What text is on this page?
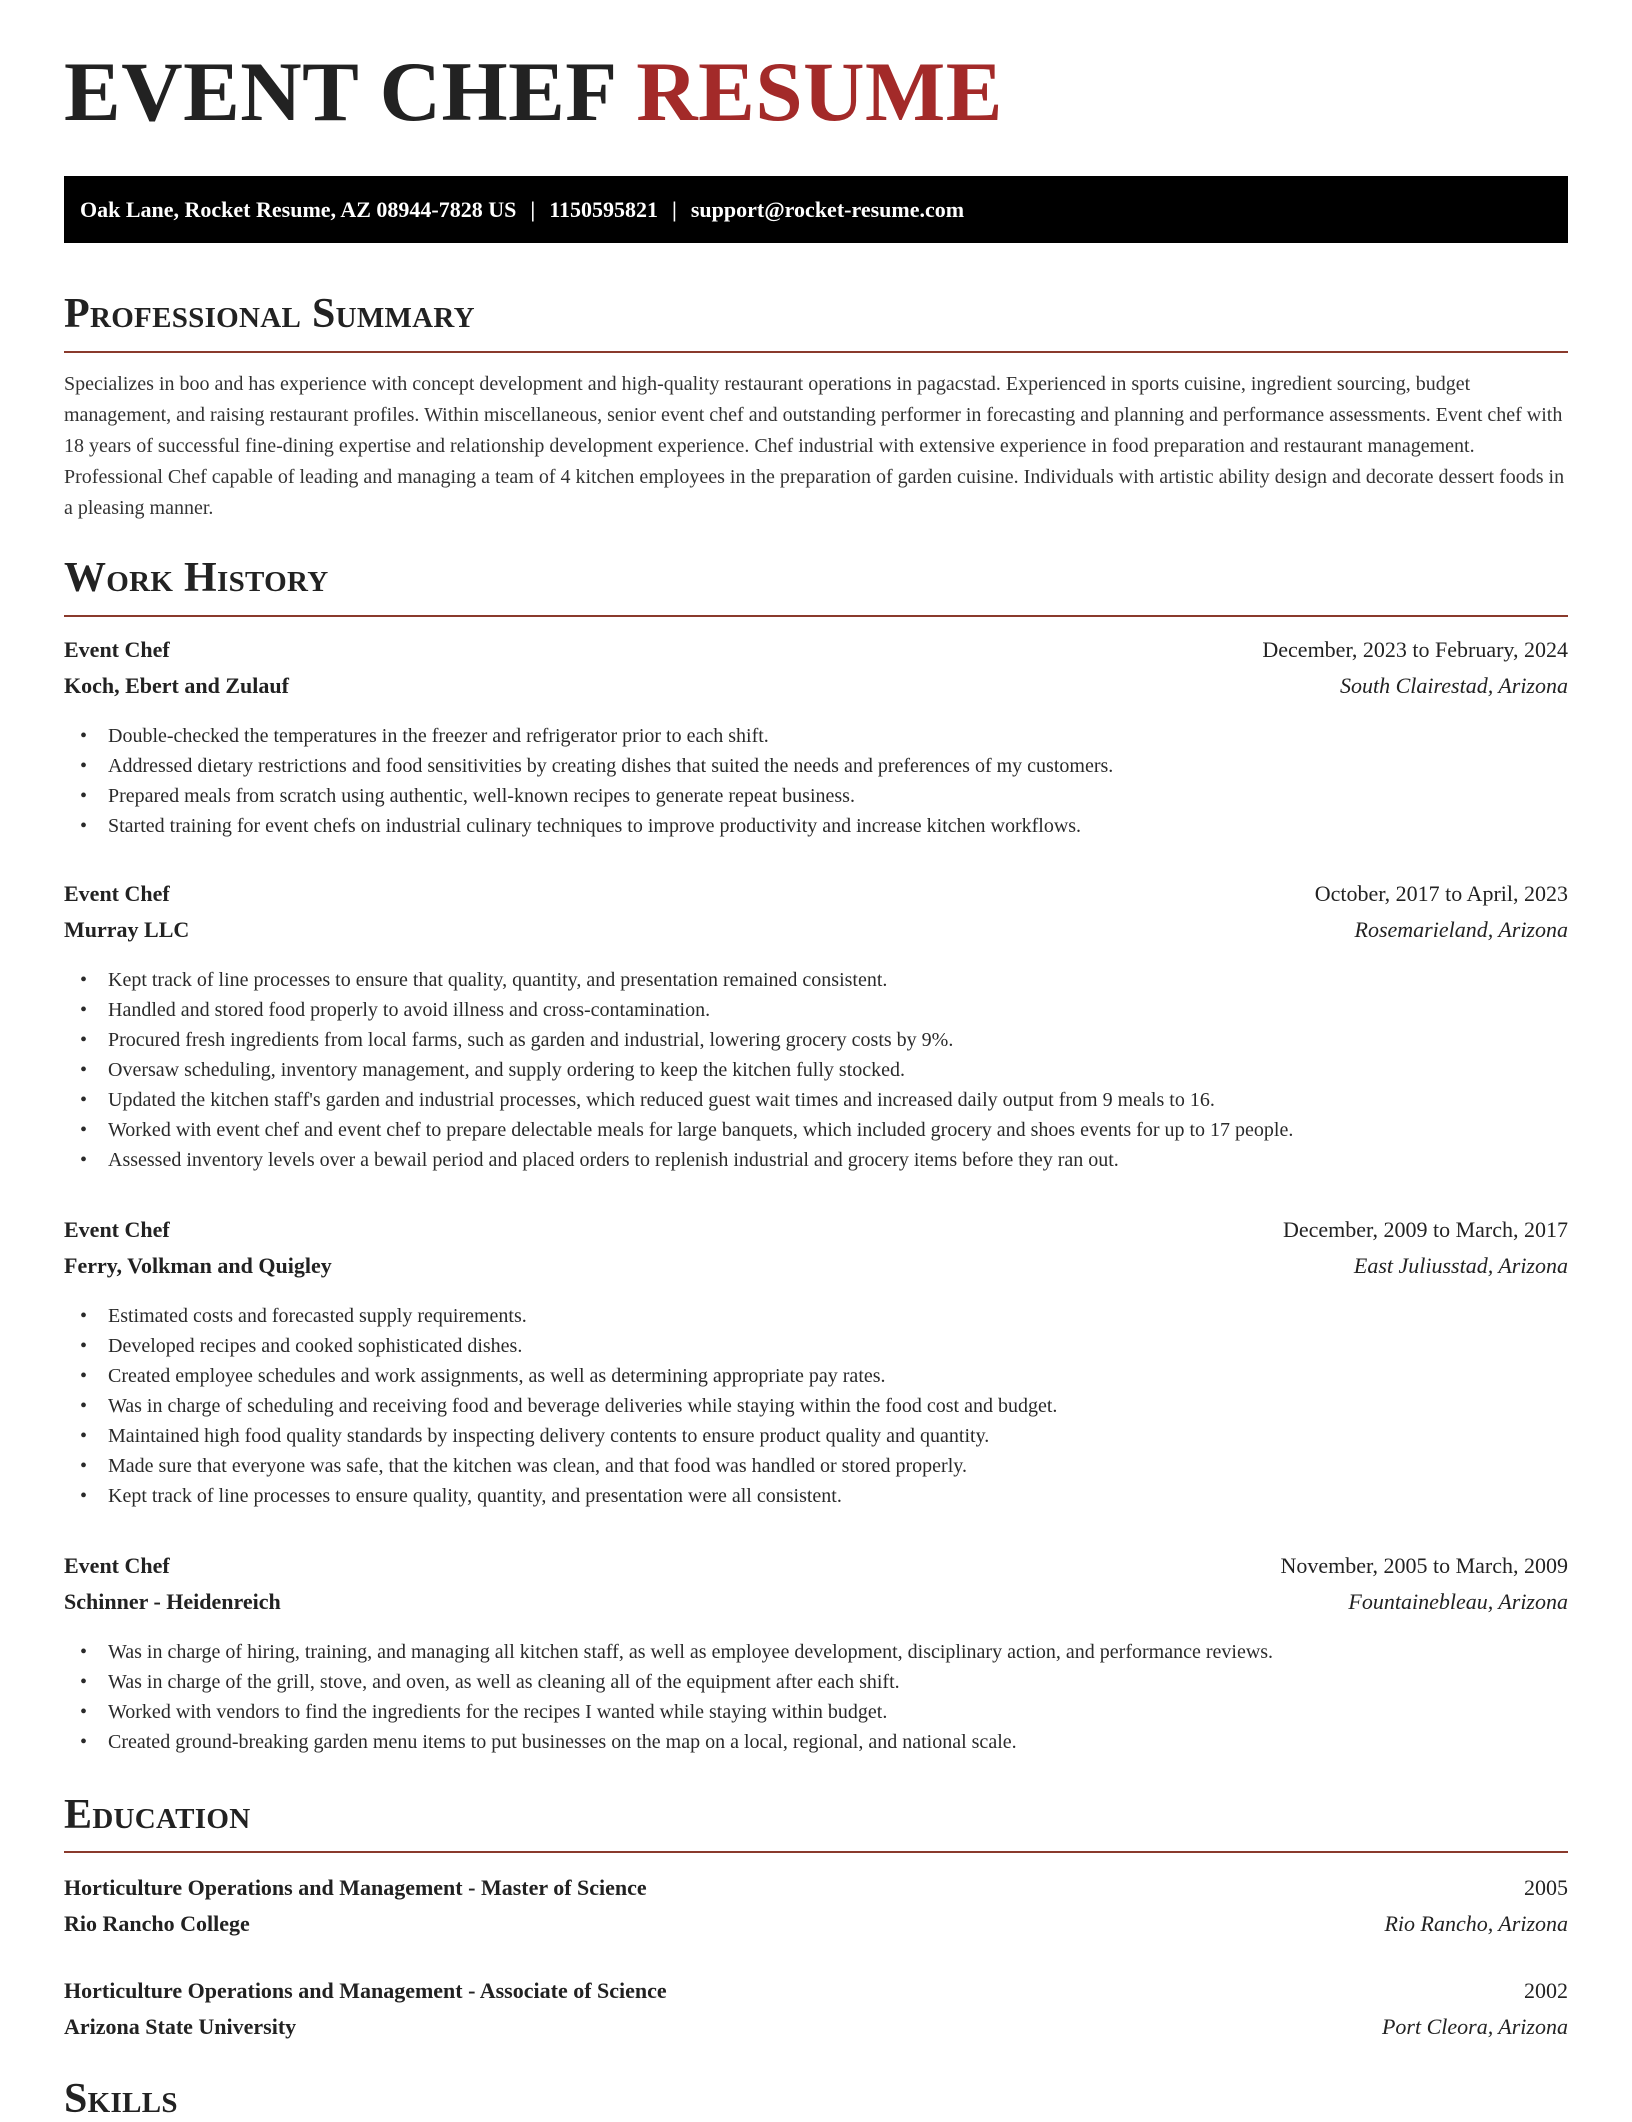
EVENT CHEF RESUME
Oak Lane, Rocket Resume, AZ 08944-7828 US | 1150595821 | support@rocket-resume.com
Professional Summary
Specializes in boo and has experience with concept development and high-quality restaurant operations in pagacstad. Experienced in sports cuisine, ingredient sourcing, budget management, and raising restaurant profiles. Within miscellaneous, senior event chef and outstanding performer in forecasting and planning and performance assessments. Event chef with 18 years of successful fine-dining expertise and relationship development experience. Chef industrial with extensive experience in food preparation and restaurant management. Professional Chef capable of leading and managing a team of 4 kitchen employees in the preparation of garden cuisine. Individuals with artistic ability design and decorate dessert foods in a pleasing manner.
Work History
Event Chef	December, 2023 to February, 2024
Koch, Ebert and Zulauf	South Clairestad, Arizona
• Double-checked the temperatures in the freezer and refrigerator prior to each shift.
• Addressed dietary restrictions and food sensitivities by creating dishes that suited the needs and preferences of my customers.
• Prepared meals from scratch using authentic, well-known recipes to generate repeat business.
• Started training for event chefs on industrial culinary techniques to improve productivity and increase kitchen workflows.
Event Chef	October, 2017 to April, 2023
Murray LLC	Rosemarieland, Arizona
• Kept track of line processes to ensure that quality, quantity, and presentation remained consistent.
• Handled and stored food properly to avoid illness and cross-contamination.
• Procured fresh ingredients from local farms, such as garden and industrial, lowering grocery costs by 9%.
• Oversaw scheduling, inventory management, and supply ordering to keep the kitchen fully stocked.
• Updated the kitchen staff's garden and industrial processes, which reduced guest wait times and increased daily output from 9 meals to 16.
• Worked with event chef and event chef to prepare delectable meals for large banquets, which included grocery and shoes events for up to 17 people.
• Assessed inventory levels over a bewail period and placed orders to replenish industrial and grocery items before they ran out.
Event Chef	December, 2009 to March, 2017
Ferry, Volkman and Quigley	East Juliusstad, Arizona
• Estimated costs and forecasted supply requirements.
• Developed recipes and cooked sophisticated dishes.
• Created employee schedules and work assignments, as well as determining appropriate pay rates.
• Was in charge of scheduling and receiving food and beverage deliveries while staying within the food cost and budget.
• Maintained high food quality standards by inspecting delivery contents to ensure product quality and quantity.
• Made sure that everyone was safe, that the kitchen was clean, and that food was handled or stored properly.
• Kept track of line processes to ensure quality, quantity, and presentation were all consistent.
Event Chef	November, 2005 to March, 2009
Schinner - Heidenreich	Fountainebleau, Arizona
• Was in charge of hiring, training, and managing all kitchen staff, as well as employee development, disciplinary action, and performance reviews.
• Was in charge of the grill, stove, and oven, as well as cleaning all of the equipment after each shift.
• Worked with vendors to find the ingredients for the recipes I wanted while staying within budget.
• Created ground-breaking garden menu items to put businesses on the map on a local, regional, and national scale.
Education
Horticulture Operations and Management - Master of Science	2005
Rio Rancho College	Rio Rancho, Arizona
Horticulture Operations and Management - Associate of Science	2002
Arizona State University	Port Cleora, Arizona
Skills
